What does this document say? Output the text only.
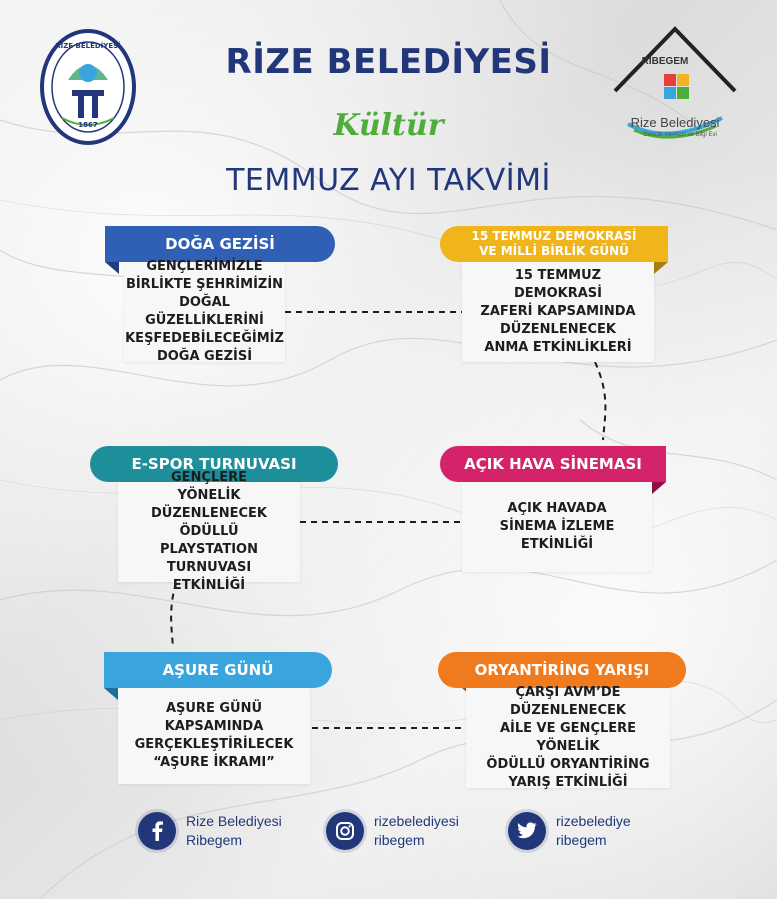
1867
RİZE BELEDİYESİ
RİBEGEM
Rize Belediyesi
Gençlik Merkezi ve Bilgi Evi
RİZE BELEDİYESİ
Kültür
TEMMUZ AYI TAKVİMİ
DOĞA GEZİSİ
GENÇLERİMİZLE
BİRLİKTE ŞEHRİMİZİN
DOĞAL GÜZELLİKLERİNİ
KEŞFEDEBİLECEĞİMİZ
DOĞA GEZİSİ
15 TEMMUZ DEMOKRASİ
VE MİLLİ BİRLİK GÜNÜ
15 TEMMUZ DEMOKRASİ
ZAFERİ KAPSAMINDA
DÜZENLENECEK
ANMA ETKİNLİKLERİ
E-SPOR TURNUVASI
GENÇLERE
YÖNELİK DÜZENLENECEK
ÖDÜLLÜ PLAYSTATION
TURNUVASI ETKİNLİĞİ
AÇIK HAVA SİNEMASI
AÇIK HAVADA
SİNEMA İZLEME
ETKİNLİĞİ
AŞURE GÜNÜ
AŞURE GÜNÜ
KAPSAMINDA
GERÇEKLEŞTİRİLECEK
“AŞURE İKRAMI”
ORYANTİRİNG YARIŞI
ÇARŞI AVM’DE
DÜZENLENECEK
AİLE VE GENÇLERE YÖNELİK
ÖDÜLLÜ ORYANTİRİNG
YARIŞ ETKİNLİĞİ
Rize Belediyesi
Ribegem
rizebelediyesi
ribegem
rizebelediye
ribegem
